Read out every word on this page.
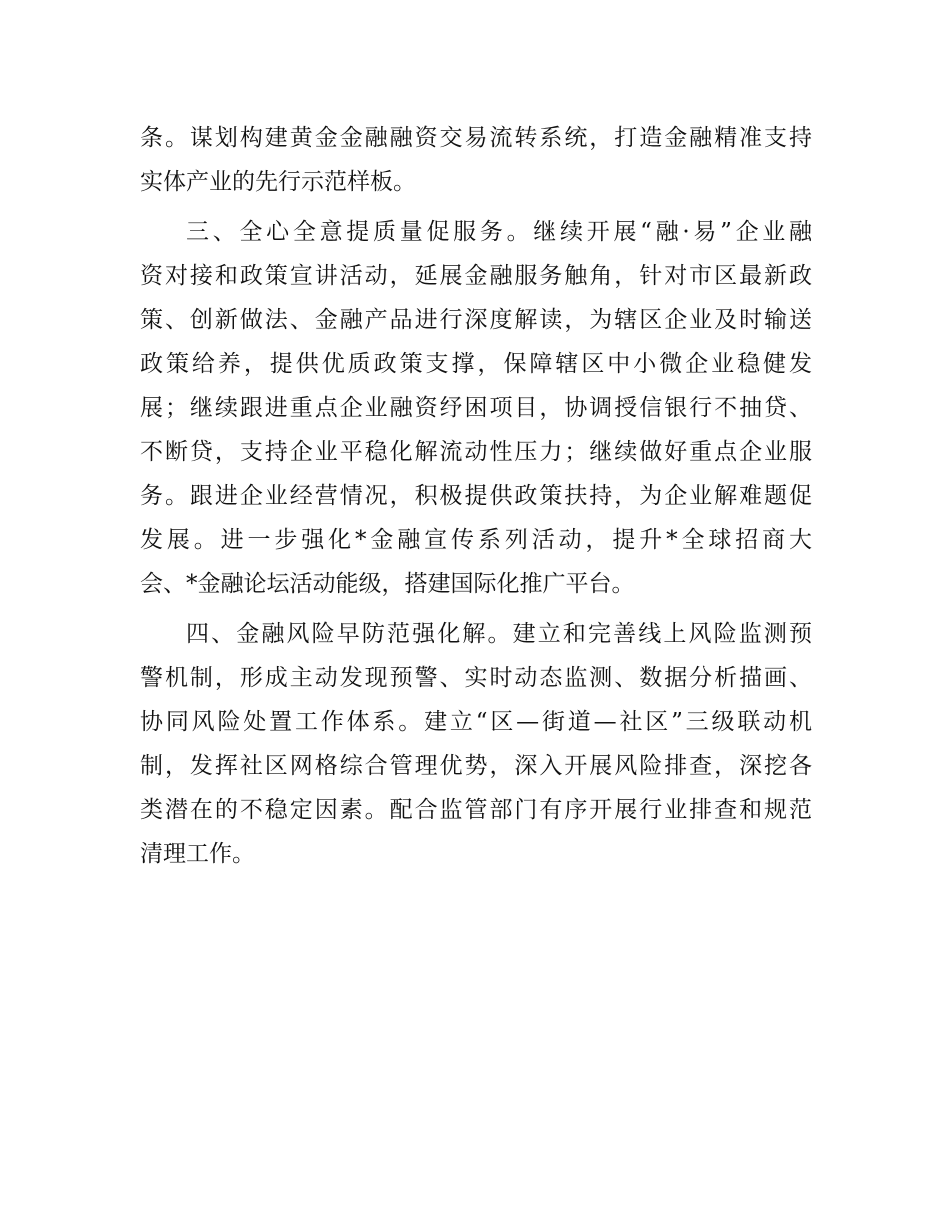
条。谋划构建黄金金融融资交易流转系统，打造金融精准支持
实体产业的先行示范样板。
三、全心全意提质量促服务。继续开展“融·易”企业融
资对接和政策宣讲活动，延展金融服务触角，针对市区最新政
策、创新做法、金融产品进行深度解读，为辖区企业及时输送
政策给养，提供优质政策支撑，保障辖区中小微企业稳健发
展；继续跟进重点企业融资纾困项目，协调授信银行不抽贷、
不断贷，支持企业平稳化解流动性压力；继续做好重点企业服
务。跟进企业经营情况，积极提供政策扶持，为企业解难题促
发展。进一步强化*金融宣传系列活动，提升*全球招商大
会、*金融论坛活动能级，搭建国际化推广平台。
四、金融风险早防范强化解。建立和完善线上风险监测预
警机制，形成主动发现预警、实时动态监测、数据分析描画、
协同风险处置工作体系。建立“区—街道—社区”三级联动机
制，发挥社区网格综合管理优势，深入开展风险排查，深挖各
类潜在的不稳定因素。配合监管部门有序开展行业排查和规范
清理工作。
